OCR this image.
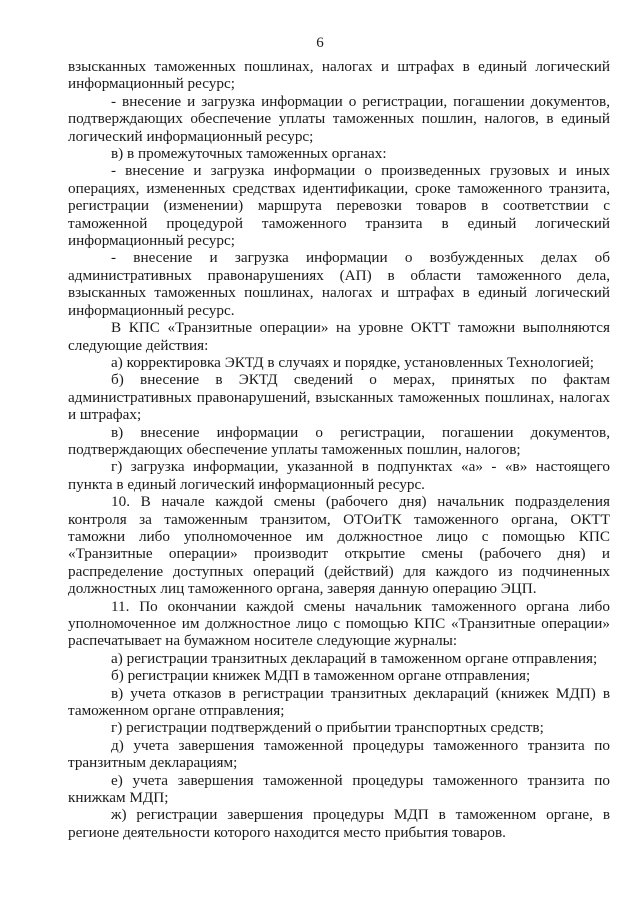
6

взысканных таможенных пошлинах, налогах и штрафах в единый логический информационный ресурс;

- внесение и загрузка информации о регистрации, погашении документов, подтверждающих обеспечение уплаты таможенных пошлин, налогов, в единый логический информационный ресурс;

в) в промежуточных таможенных органах:

- внесение и загрузка информации о произведенных грузовых и иных операциях, измененных средствах идентификации, сроке таможенного транзита, регистрации (изменении) маршрута перевозки товаров в соответствии с таможенной процедурой таможенного транзита в единый логический информационный ресурс;

- внесение и загрузка информации о возбужденных делах об административных правонарушениях (АП) в области таможенного дела, взысканных таможенных пошлинах, налогах и штрафах в единый логический информационный ресурс.

В КПС «Транзитные операции» на уровне ОКТТ таможни выполняются следующие действия:

а) корректировка ЭКТД в случаях и порядке, установленных Технологией;

б) внесение в ЭКТД сведений о мерах, принятых по фактам административных правонарушений, взысканных таможенных пошлинах, налогах и штрафах;

в) внесение информации о регистрации, погашении документов, подтверждающих обеспечение уплаты таможенных пошлин, налогов;

г) загрузка информации, указанной в подпунктах «а» - «в» настоящего пункта в единый логический информационный ресурс.

10. В начале каждой смены (рабочего дня) начальник подразделения контроля за таможенным транзитом, ОТОиТК таможенного органа, ОКТТ таможни либо уполномоченное им должностное лицо с помощью КПС «Транзитные операции» производит открытие смены (рабочего дня) и распределение доступных операций (действий) для каждого из подчиненных должностных лиц таможенного органа, заверяя данную операцию ЭЦП.

11. По окончании каждой смены начальник таможенного органа либо уполномоченное им должностное лицо с помощью КПС «Транзитные операции» распечатывает на бумажном носителе следующие журналы:

а) регистрации транзитных деклараций в таможенном органе отправления;

б) регистрации книжек МДП в таможенном органе отправления;

в) учета отказов в регистрации транзитных деклараций (книжек МДП) в таможенном органе отправления;

г) регистрации подтверждений о прибытии транспортных средств;

д) учета завершения таможенной процедуры таможенного транзита по транзитным декларациям;

е) учета завершения таможенной процедуры таможенного транзита по книжкам МДП;

ж) регистрации завершения процедуры МДП в таможенном органе, в регионе деятельности которого находится место прибытия товаров.
